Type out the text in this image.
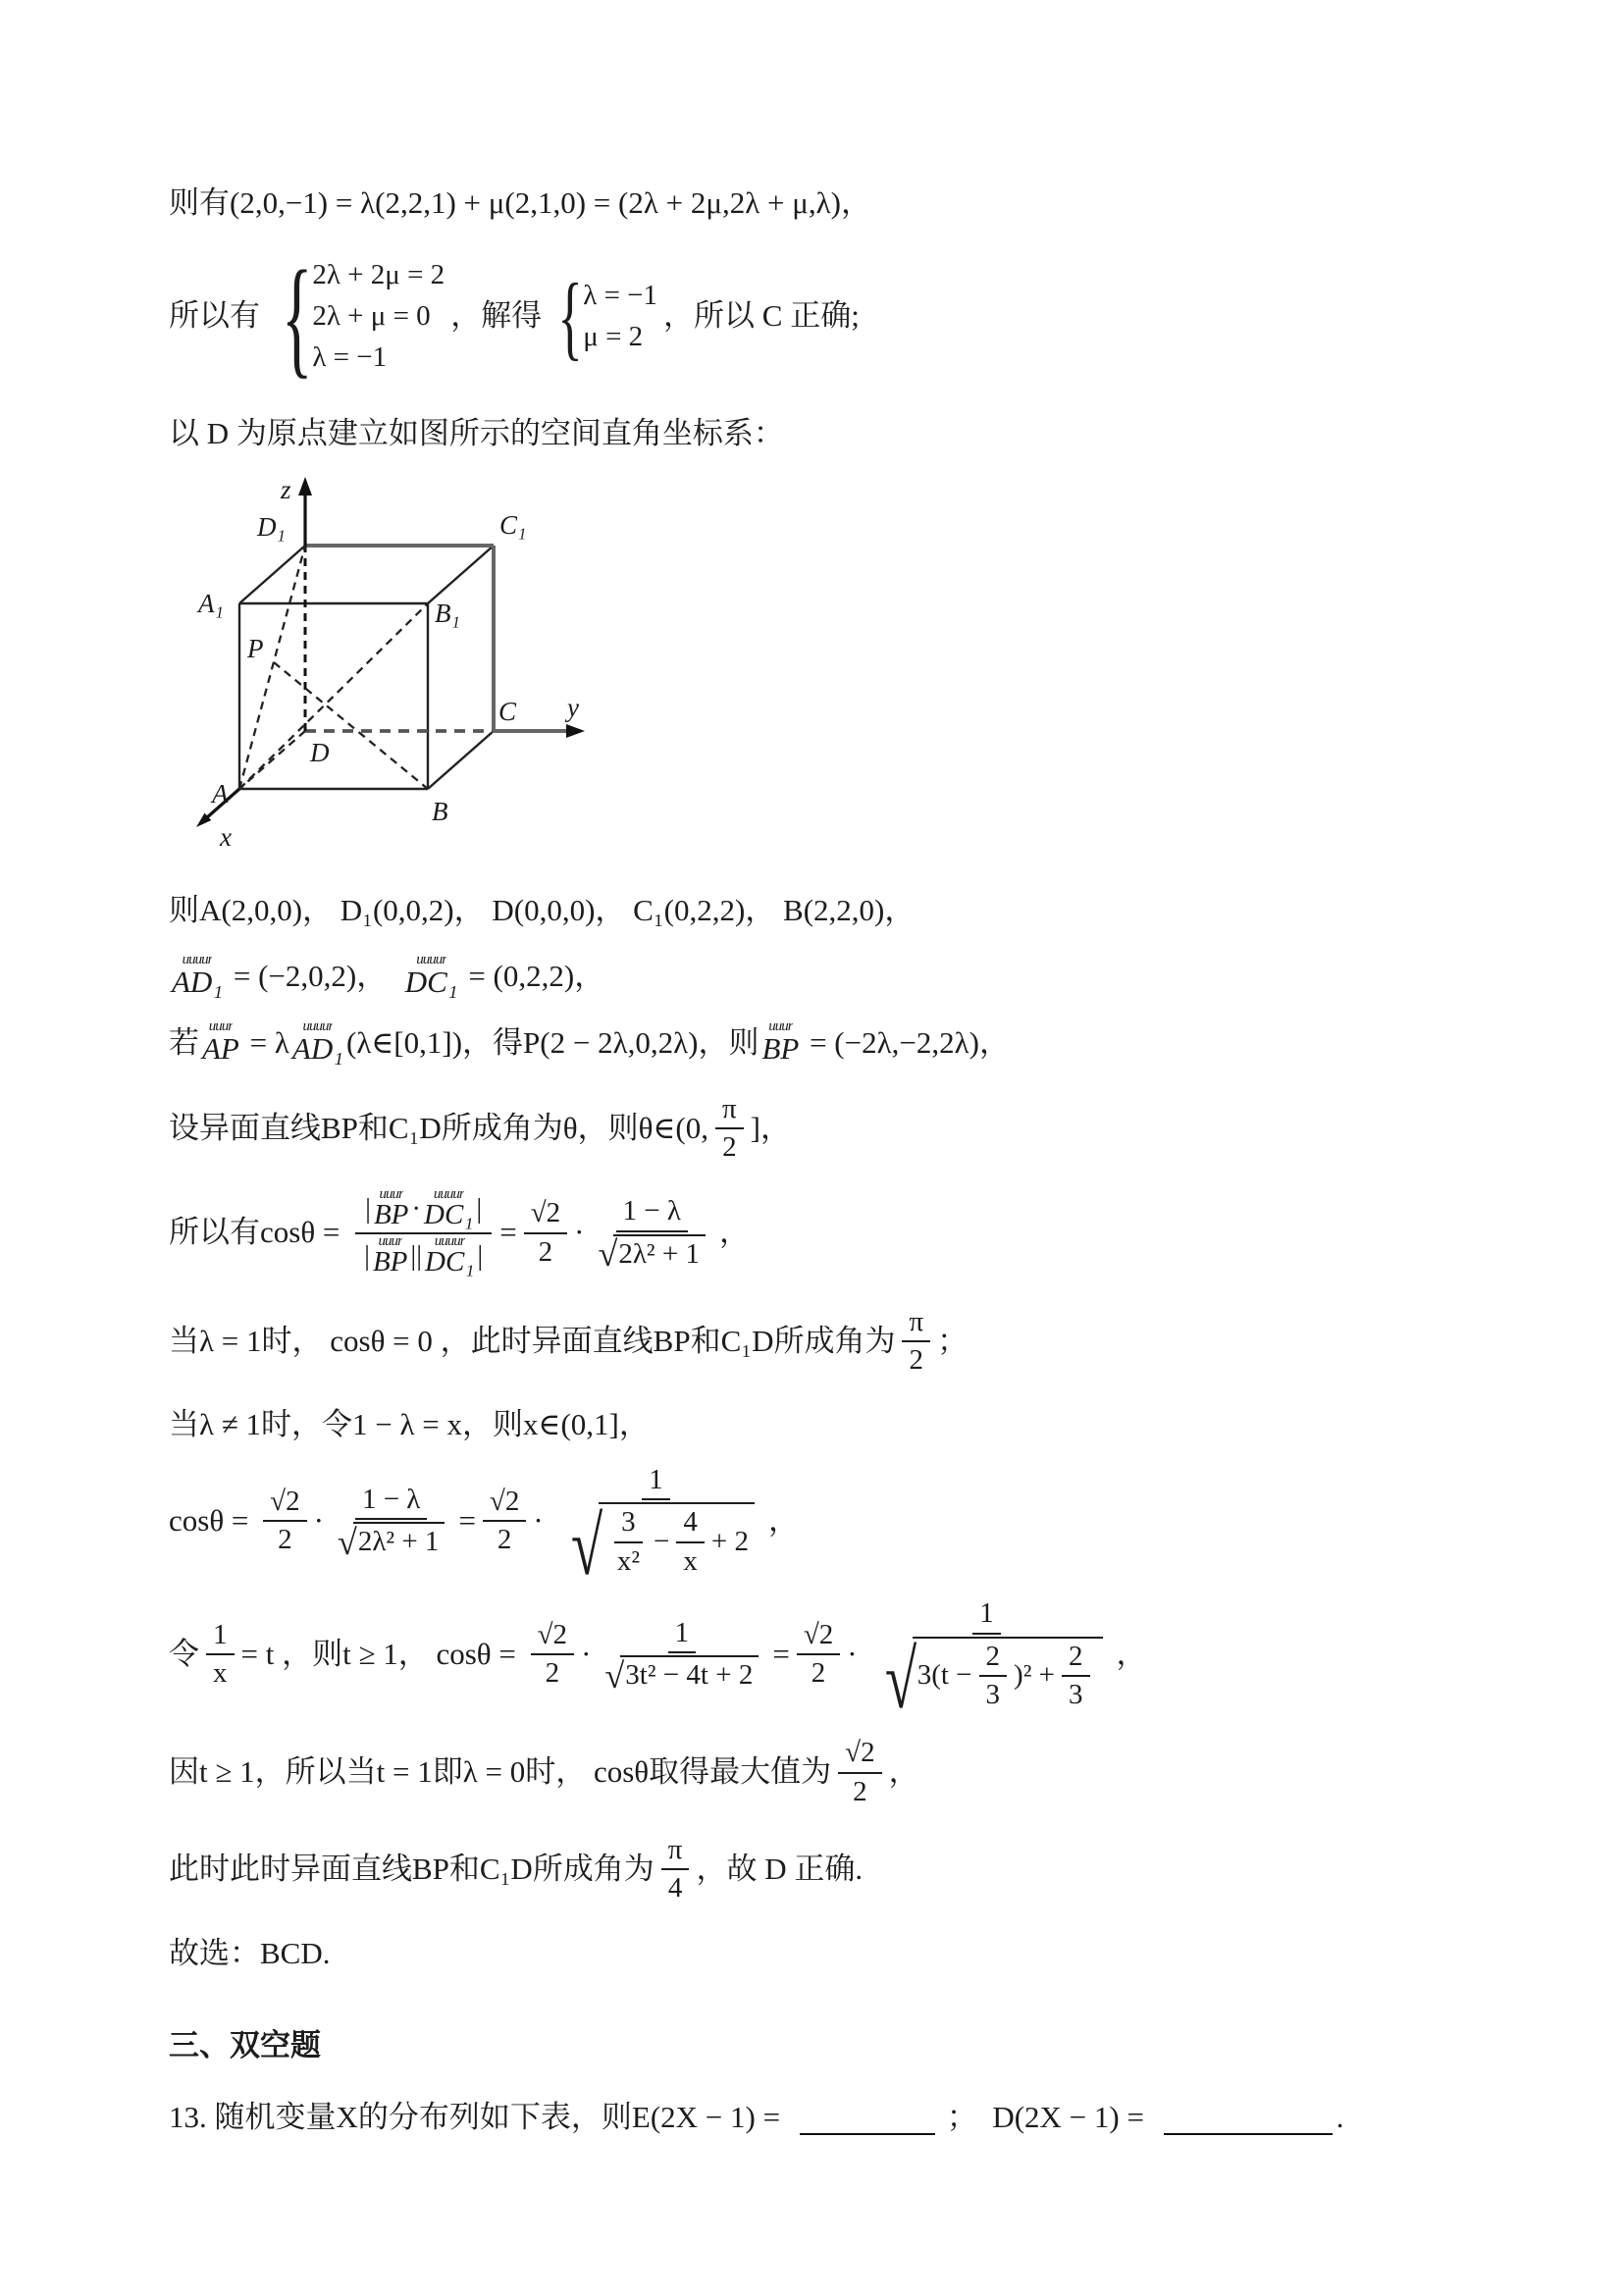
则有(2,0,−1) = λ(2,2,1) + μ(2,1,0) = (2λ + 2μ,2λ + μ,λ)，
所以有 { 2λ + 2μ = 2
2λ + μ = 0
λ = −1
，解得 { λ = −1
μ = 2
，所以 C 正确;
以 D 为原点建立如图所示的空间直角坐标系：
z
D₁	C₁
A₁	B₁
P
C y
D
A
B
x
则A(2,0,0)， D₁(0,0,2)， D(0,0,0)， C₁(0,2,2)， B(2,2,0)，
uuuur
AD₁ = (−2,0,2)， uuuur
DC₁ = (0,2,2)，
若 uuur
AP = λ uuuur
AD₁ (λ∈[0,1])，得P(2 − 2λ,0,2λ)，则 uuur
BP = (−2λ,−2,2λ)，
设异面直线BP和C₁D所成角为θ，则θ∈(0, $\frac{\pi}{2}$ ]，
所以有cosθ =
| uuur
BP · uuuur
DC₁ |
| uuur
BP || uuuur
DC₁ |
= $\frac{√2}{2} \cdot \frac{1 - \lambda}{\text{√ 2λ² + 1}}$ ，
当λ = 1时， cosθ = 0 ，此时异面直线BP和C₁D所成角为 $\frac{\pi}{2}$ ；
当λ ≠ 1时，令1 − λ = x，则x∈(0,1]，
$\cos\theta = \frac{√2}{2} \cdot \frac{1 - \lambda}{\text{√ 2λ² + 1}} = \frac{√2}{2}$ ·
1
√ $\frac{3}{\text{x²}} - \frac{4}{x} + 2$
，
令 $\frac{1}{x} = t$ ，则t ≥ 1， $\cos\theta = \frac{√2}{2} \cdot \frac{1}{\text{√ 3t² − 4t + 2}} = \frac{√2}{2}$ ·
1
√ $3(t - \frac{2}{3} )^2 + \frac{2}{3}$ ，
因t ≥ 1，所以当t = 1即λ = 0时， cosθ取得最大值为 $\frac{√2}{2}$ ，
此时此时异面直线BP和C₁D所成角为 $\frac{\pi}{4}$ ，故 D 正确.
故选：BCD.
三、双空题
13. 随机变量X的分布列如下表，则E(2X − 1) =	；  D(2X − 1) =	.
